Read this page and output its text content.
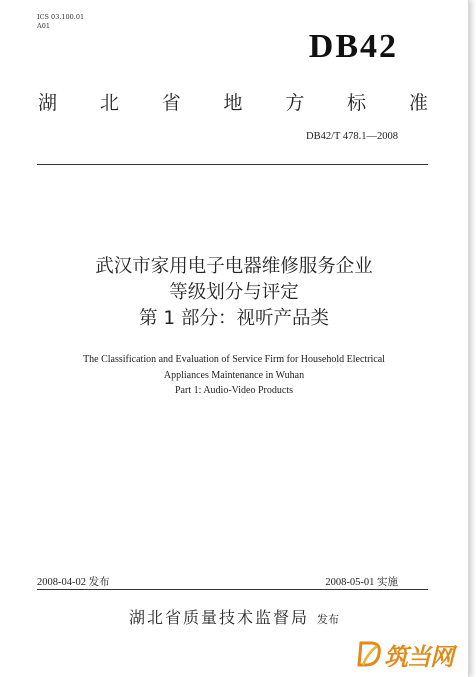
ICS 03.100.01
A01
DB42
湖 北 省 地 方 标 准
DB42/T 478.1—2008
武汉市家用电子电器维修服务企业
等级划分与评定
第 1 部分：视听产品类
The Classification and Evaluation of Service Firm for Household Electrical
Appliances Maintenance in Wuhan
Part 1: Audio-Video Products
2008-04-02 发布	2008-05-01 实施
湖北省质量技术监督局 发布
筑当网
